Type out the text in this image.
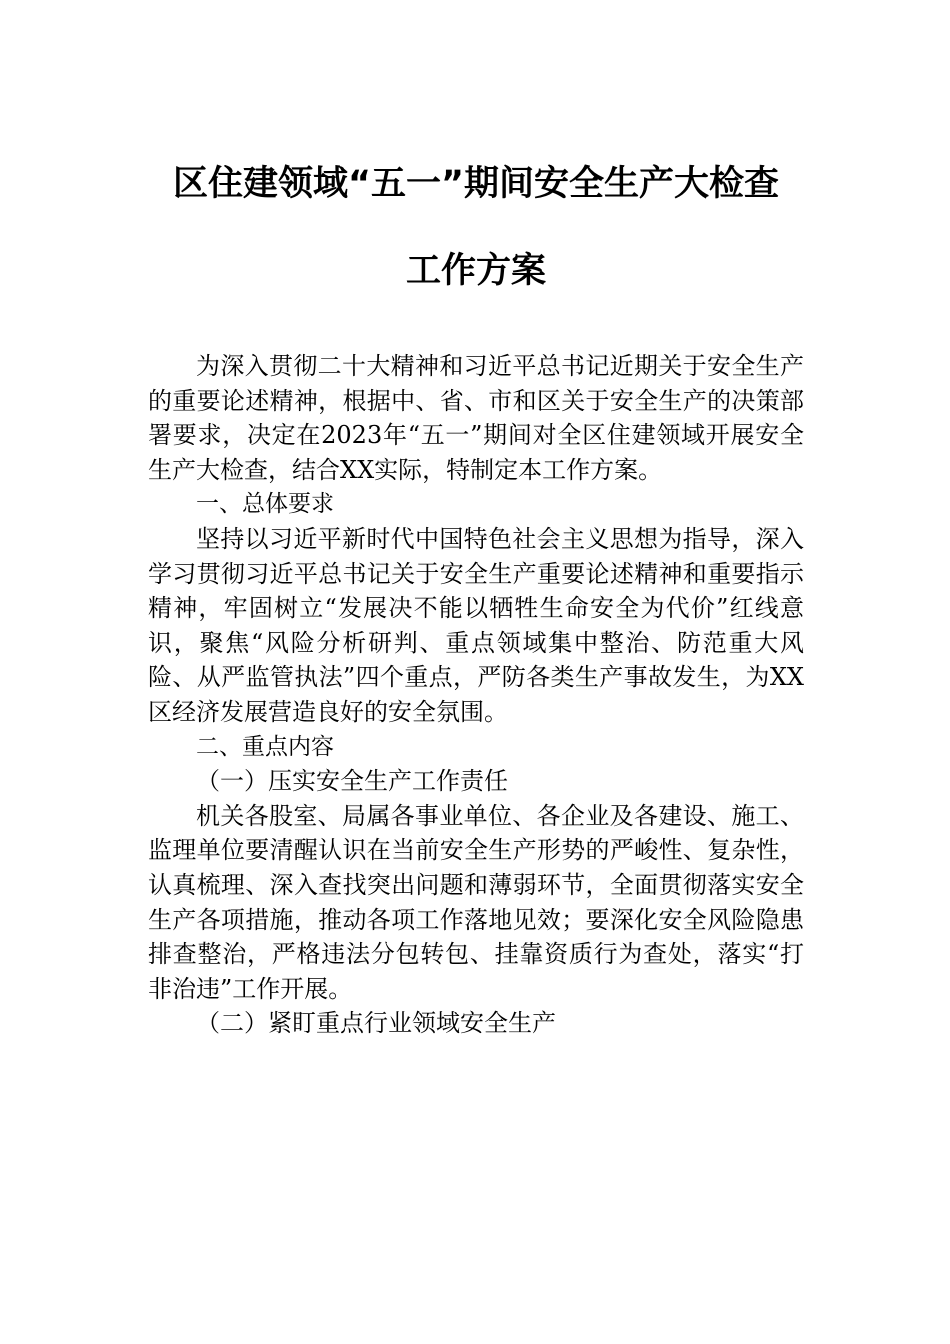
区住建领域“五一”期间安全生产大检查
工作方案

为深入贯彻二十大精神和习近平总书记近期关于安全生产的重要论述精神，根据中、省、市和区关于安全生产的决策部署要求，决定在2023年“五一”期间对全区住建领域开展安全生产大检查，结合XX实际，特制定本工作方案。

一、总体要求

坚持以习近平新时代中国特色社会主义思想为指导，深入学习贯彻习近平总书记关于安全生产重要论述精神和重要指示精神，牢固树立“发展决不能以牺牲生命安全为代价”红线意识，聚焦“风险分析研判、重点领域集中整治、防范重大风险、从严监管执法”四个重点，严防各类生产事故发生，为XX区经济发展营造良好的安全氛围。

二、重点内容

（一）压实安全生产工作责任

机关各股室、局属各事业单位、各企业及各建设、施工、监理单位要清醒认识在当前安全生产形势的严峻性、复杂性，认真梳理、深入查找突出问题和薄弱环节，全面贯彻落实安全生产各项措施，推动各项工作落地见效；要深化安全风险隐患排查整治，严格违法分包转包、挂靠资质行为查处，落实“打非治违”工作开展。

（二）紧盯重点行业领域安全生产
